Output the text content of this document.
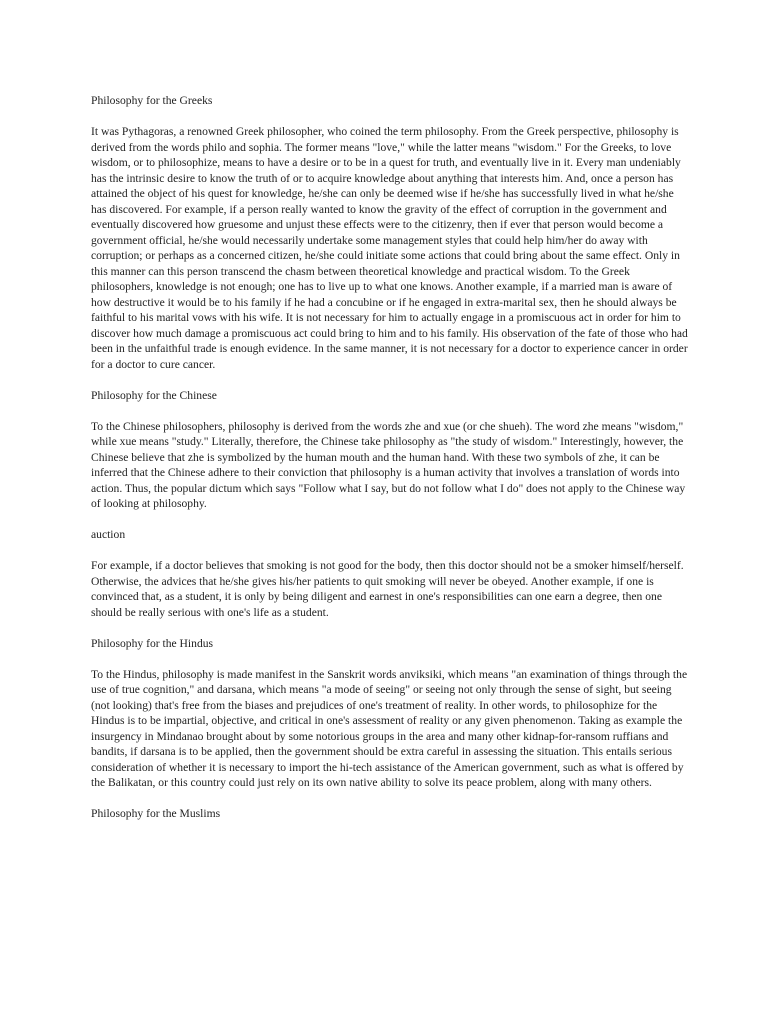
Philosophy for the Greeks

It was Pythagoras, a renowned Greek philosopher, who coined the term philosophy. From the Greek perspective, philosophy is derived from the words philo and sophia. The former means "love," while the latter means "wisdom." For the Greeks, to love wisdom, or to philosophize, means to have a desire or to be in a quest for truth, and eventually live in it. Every man undeniably has the intrinsic desire to know the truth of or to acquire knowledge about anything that interests him. And, once a person has attained the object of his quest for knowledge, he/she can only be deemed wise if he/she has successfully lived in what he/she has discovered. For example, if a person really wanted to know the gravity of the effect of corruption in the government and eventually discovered how gruesome and unjust these effects were to the citizenry, then if ever that person would become a government official, he/she would necessarily undertake some management styles that could help him/her do away with corruption; or perhaps as a concerned citizen, he/she could initiate some actions that could bring about the same effect. Only in this manner can this person transcend the chasm between theoretical knowledge and practical wisdom. To the Greek philosophers, knowledge is not enough; one has to live up to what one knows. Another example, if a married man is aware of how destructive it would be to his family if he had a concubine or if he engaged in extra-marital sex, then he should always be faithful to his marital vows with his wife. It is not necessary for him to actually engage in a promiscuous act in order for him to discover how much damage a promiscuous act could bring to him and to his family. His observation of the fate of those who had been in the unfaithful trade is enough evidence. In the same manner, it is not necessary for a doctor to experience cancer in order for a doctor to cure cancer.

Philosophy for the Chinese

To the Chinese philosophers, philosophy is derived from the words zhe and xue (or che shueh). The word zhe means "wisdom," while xue means "study." Literally, therefore, the Chinese take philosophy as "the study of wisdom." Interestingly, however, the Chinese believe that zhe is symbolized by the human mouth and the human hand. With these two symbols of zhe, it can be inferred that the Chinese adhere to their conviction that philosophy is a human activity that involves a translation of words into action. Thus, the popular dictum which says "Follow what I say, but do not follow what I do" does not apply to the Chinese way of looking at philosophy.

auction

For example, if a doctor believes that smoking is not good for the body, then this doctor should not be a smoker himself/herself. Otherwise, the advices that he/she gives his/her patients to quit smoking will never be obeyed. Another example, if one is convinced that, as a student, it is only by being diligent and earnest in one's responsibilities can one earn a degree, then one should be really serious with one's life as a student.

Philosophy for the Hindus

To the Hindus, philosophy is made manifest in the Sanskrit words anviksiki, which means "an examination of things through the use of true cognition," and darsana, which means "a mode of seeing" or seeing not only through the sense of sight, but seeing (not looking) that's free from the biases and prejudices of one's treatment of reality. In other words, to philosophize for the Hindus is to be impartial, objective, and critical in one's assessment of reality or any given phenomenon. Taking as example the insurgency in Mindanao brought about by some notorious groups in the area and many other kidnap-for-ransom ruffians and bandits, if darsana is to be applied, then the government should be extra careful in assessing the situation. This entails serious consideration of whether it is necessary to import the hi-tech assistance of the American government, such as what is offered by the Balikatan, or this country could just rely on its own native ability to solve its peace problem, along with many others.

Philosophy for the Muslims
